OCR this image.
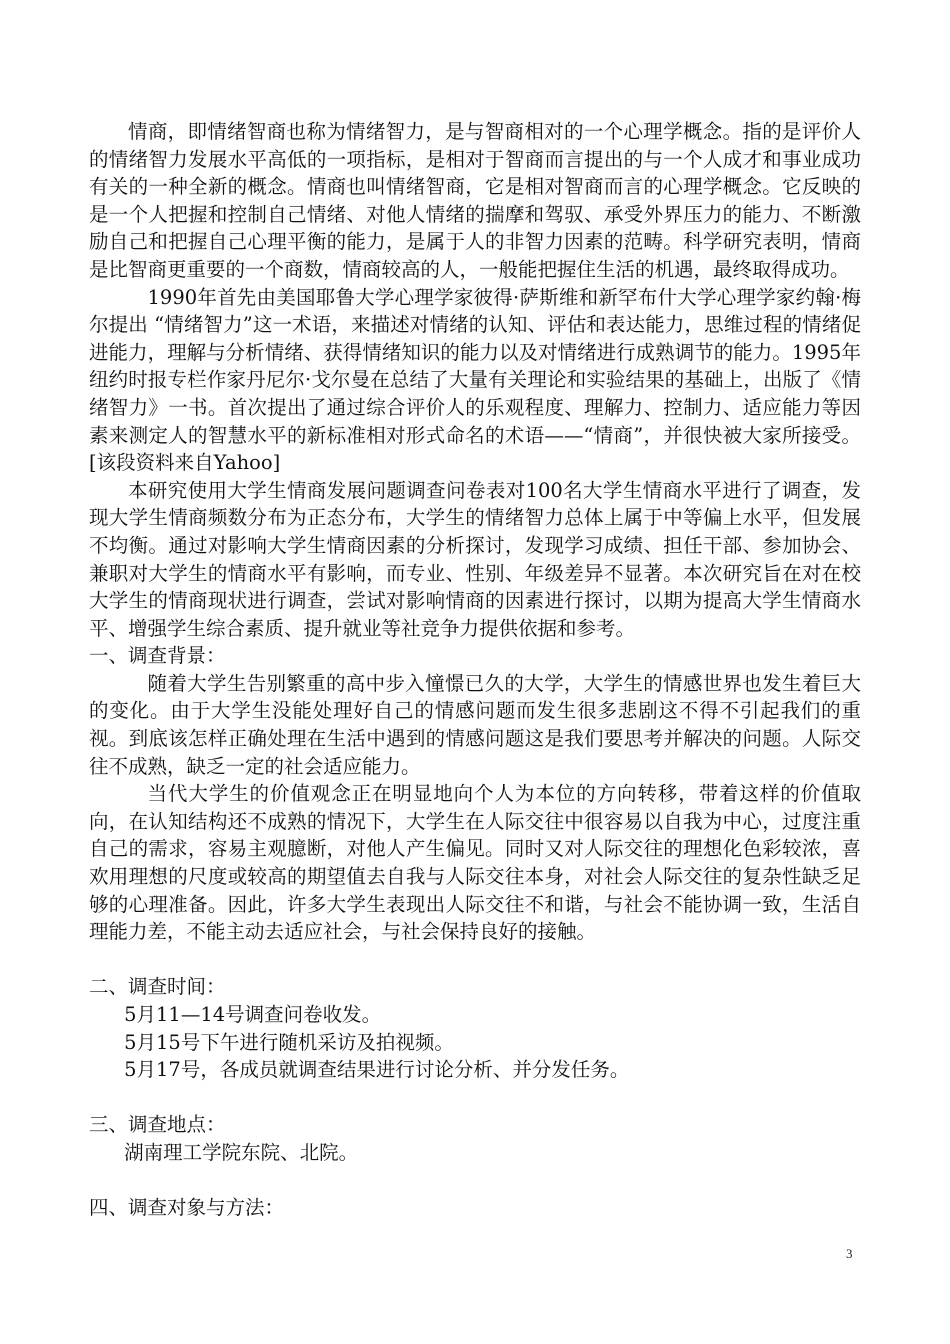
情商，即情绪智商也称为情绪智力，是与智商相对的一个心理学概念。指的是评价人的情绪智力发展水平高低的一项指标，是相对于智商而言提出的与一个人成才和事业成功有关的一种全新的概念。情商也叫情绪智商，它是相对智商而言的心理学概念。它反映的是一个人把握和控制自己情绪、对他人情绪的揣摩和驾驭、承受外界压力的能力、不断激励自己和把握自己心理平衡的能力，是属于人的非智力因素的范畴。科学研究表明，情商是比智商更重要的一个商数，情商较高的人，一般能把握住生活的机遇，最终取得成功。

1990年首先由美国耶鲁大学心理学家彼得·萨斯维和新罕布什大学心理学家约翰·梅尔提出 “情绪智力”这一术语，来描述对情绪的认知、评估和表达能力，思维过程的情绪促进能力，理解与分析情绪、获得情绪知识的能力以及对情绪进行成熟调节的能力。1995年纽约时报专栏作家丹尼尔·戈尔曼在总结了大量有关理论和实验结果的基础上，出版了《情绪智力》一书。首次提出了通过综合评价人的乐观程度、理解力、控制力、适应能力等因素来测定人的智慧水平的新标准相对形式命名的术语——“情商”，并很快被大家所接受。[该段资料来自Yahoo]

本研究使用大学生情商发展问题调查问卷表对100名大学生情商水平进行了调查，发现大学生情商频数分布为正态分布，大学生的情绪智力总体上属于中等偏上水平，但发展不均衡。通过对影响大学生情商因素的分析探讨，发现学习成绩、担任干部、参加协会、兼职对大学生的情商水平有影响，而专业、性别、年级差异不显著。本次研究旨在对在校大学生的情商现状进行调查，尝试对影响情商的因素进行探讨，以期为提高大学生情商水平、增强学生综合素质、提升就业等社竞争力提供依据和参考。

一、调查背景：

随着大学生告别繁重的高中步入憧憬已久的大学，大学生的情感世界也发生着巨大的变化。由于大学生没能处理好自己的情感问题而发生很多悲剧这不得不引起我们的重视。到底该怎样正确处理在生活中遇到的情感问题这是我们要思考并解决的问题。人际交往不成熟，缺乏一定的社会适应能力。

当代大学生的价值观念正在明显地向个人为本位的方向转移，带着这样的价值取向，在认知结构还不成熟的情况下，大学生在人际交往中很容易以自我为中心，过度注重自己的需求，容易主观臆断，对他人产生偏见。同时又对人际交往的理想化色彩较浓，喜欢用理想的尺度或较高的期望值去自我与人际交往本身，对社会人际交往的复杂性缺乏足够的心理准备。因此，许多大学生表现出人际交往不和谐，与社会不能协调一致，生活自理能力差，不能主动去适应社会，与社会保持良好的接触。

二、调查时间：

5月11—14号调查问卷收发。

5月15号下午进行随机采访及拍视频。

5月17号，各成员就调查结果进行讨论分析、并分发任务。

三、调查地点：

湖南理工学院东院、北院。

四、调查对象与方法：

3
